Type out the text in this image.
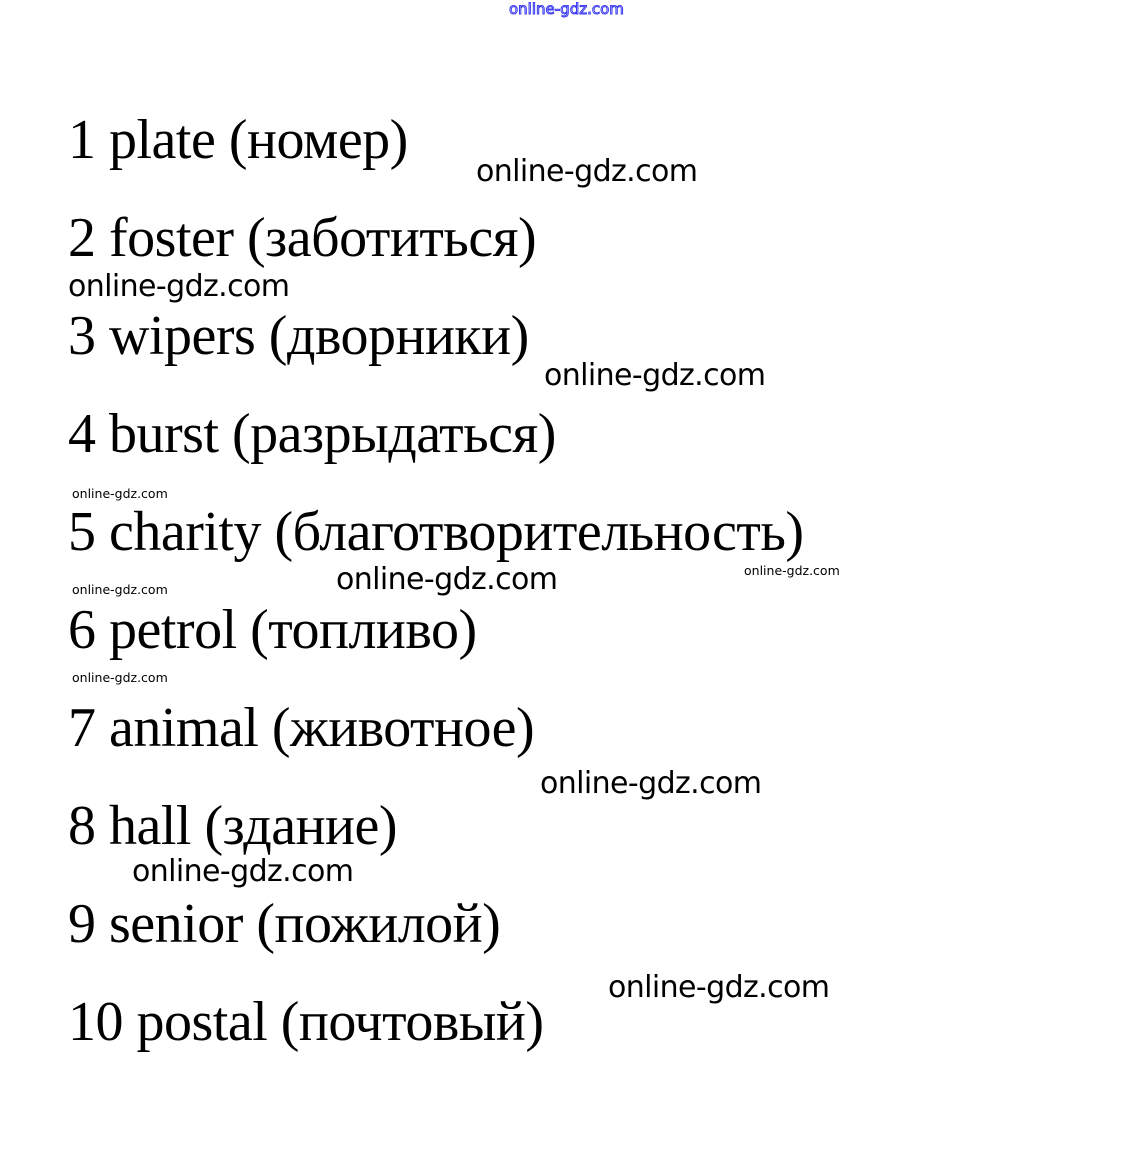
online-gdz.com

1 plate (номер)

2 foster (заботиться)

3 wipers (дворники)

4 burst (разрыдаться)

5 charity (благотворительность)

6 petrol (топливо)

7 animal (животное)

8 hall (здание)

9 senior (пожилой)

10 postal (почтовый)

online-gdz.com
online-gdz.com
online-gdz.com
online-gdz.com
online-gdz.com	online-gdz.com
online-gdz.com
online-gdz.com
online-gdz.com
online-gdz.com
online-gdz.com
